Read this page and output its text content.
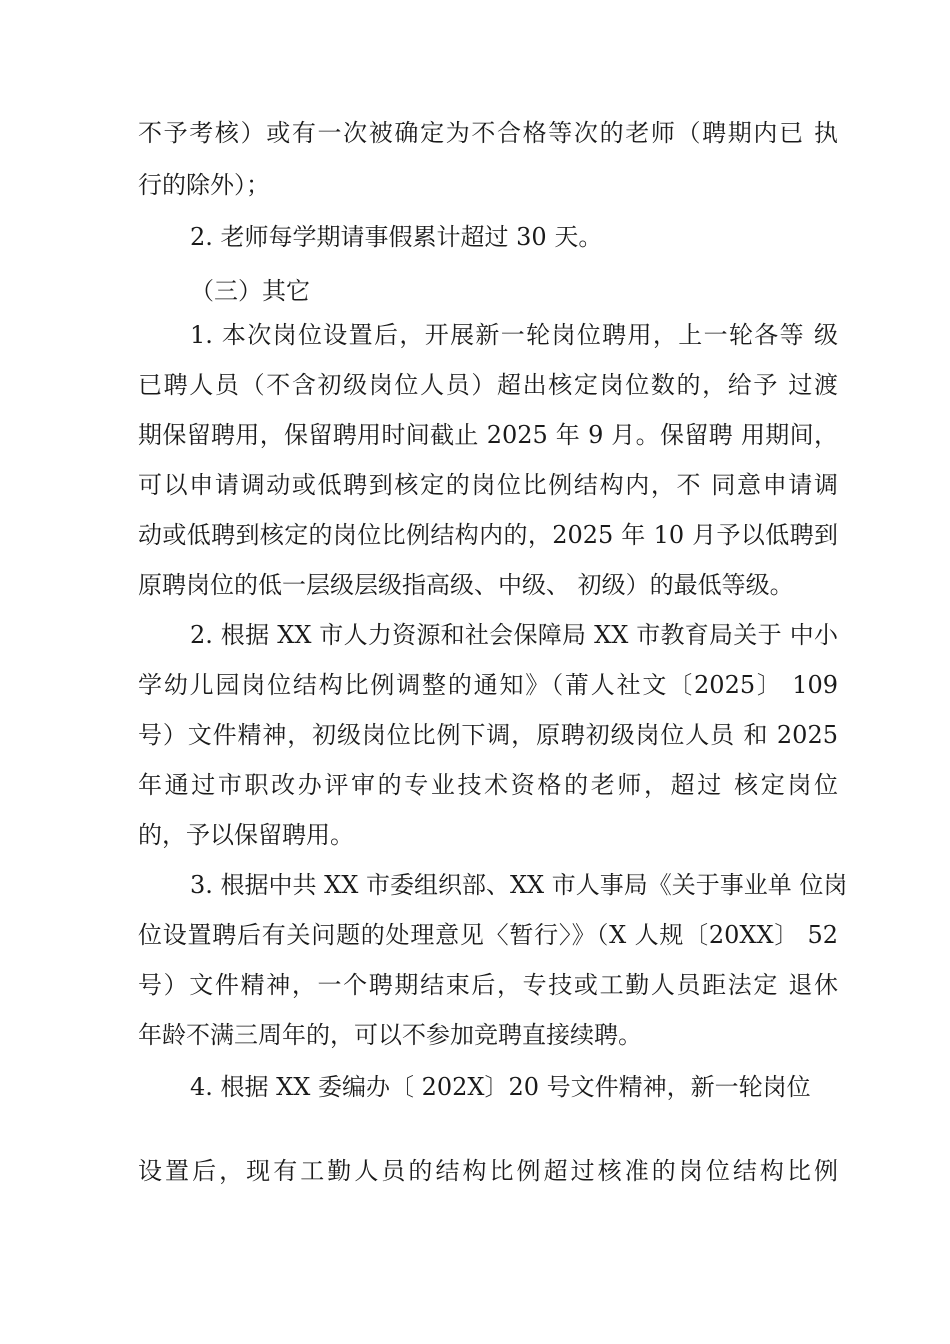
不予考核）或有一次被确定为不合格等次的老师（聘期内已 执
行的除外）；
2. 老师每学期请事假累计超过 30 天。
（三）其它
1. 本次岗位设置后，开展新一轮岗位聘用，上一轮各等 级
已聘人员（不含初级岗位人员）超出核定岗位数的，给予 过渡
期保留聘用，保留聘用时间截止 2025 年 9 月。保留聘 用期间，
可以申请调动或低聘到核定的岗位比例结构内，不 同意申请调
动或低聘到核定的岗位比例结构内的，2025 年 10 月予以低聘到
原聘岗位的低一层级层级指高级、中级、 初级）的最低等级。
2. 根据 XX 市人力资源和社会保障局 XX 市教育局关于 中小
学幼儿园岗位结构比例调整的通知》（莆人社文〔2025〕 109
号）文件精神，初级岗位比例下调，原聘初级岗位人员 和 2025
年通过市职改办评审的专业技术资格的老师，超过 核定岗位
的，予以保留聘用。
3. 根据中共 XX 市委组织部、XX 市人事局《关于事业单 位岗
位设置聘后有关问题的处理意见〈暂行〉》（X 人规〔20XX〕 52
号）文件精神，一个聘期结束后，专技或工勤人员距法定 退休
年龄不满三周年的，可以不参加竞聘直接续聘。
4. 根据 XX 委编办〔 202X〕20 号文件精神，新一轮岗位
设置后，现有工勤人员的结构比例超过核准的岗位结构比例
